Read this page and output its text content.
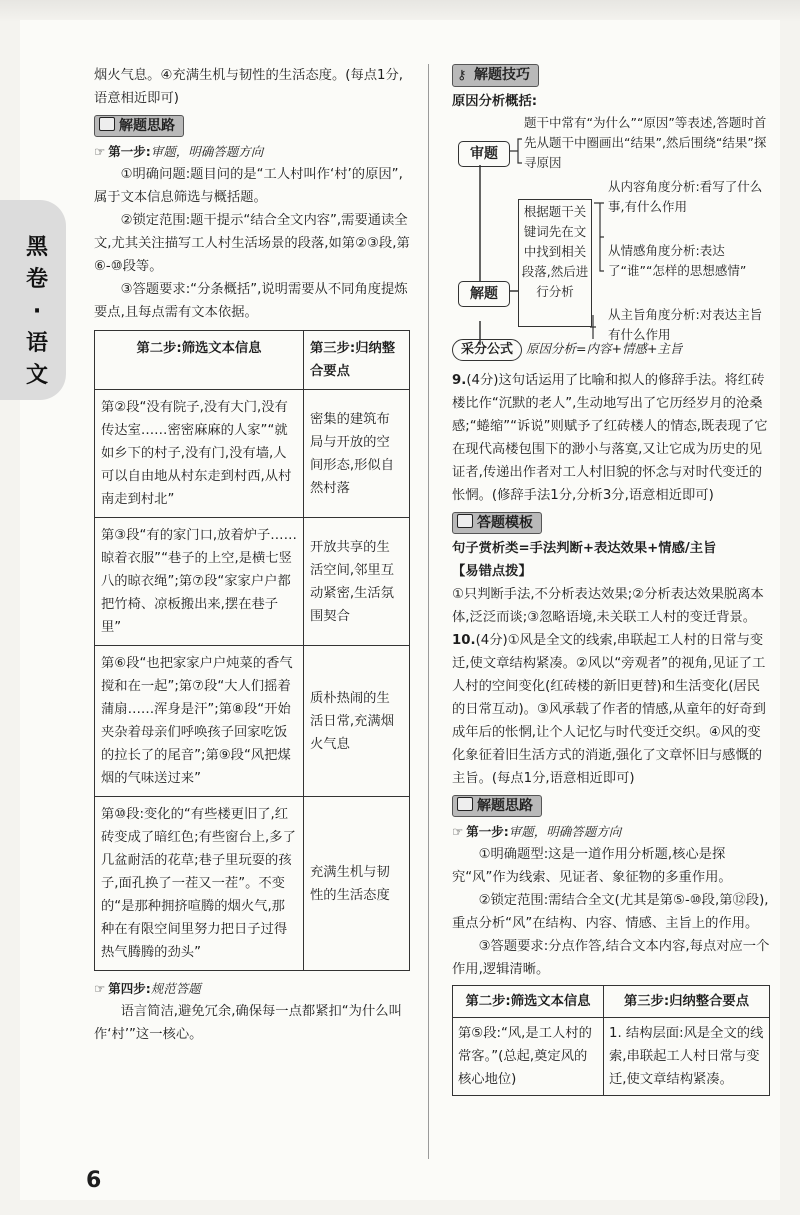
黑卷·语文

烟火气息。④充满生机与韧性的生活态度。(每点1分,语意相近即可)

解题思路

☞ 第一步:审题，明确答题方向

①明确问题:题目问的是“工人村叫作‘村’的原因”,属于文本信息筛选与概括题。

②锁定范围:题干提示“结合全文内容”,需要通读全文,尤其关注描写工人村生活场景的段落,如第②③段,第⑥-⑩段等。

③答题要求:“分条概括”,说明需要从不同角度提炼要点,且每点需有文本依据。

第二步:筛选文本信息	第三步:归纳整合要点
第②段“没有院子,没有大门,没有传达室……密密麻麻的人家”“就如乡下的村子,没有门,没有墙,人可以自由地从村东走到村西,从村南走到村北”	密集的建筑布局与开放的空间形态,形似自然村落
第③段“有的家门口,放着炉子……晾着衣服”“巷子的上空,是横七竖八的晾衣绳”;第⑦段“家家户户都把竹椅、凉板搬出来,摆在巷子里”	开放共享的生活空间,邻里互动紧密,生活氛围契合
第⑥段“也把家家户户炖菜的香气搅和在一起”;第⑦段“大人们摇着蒲扇……浑身是汗”;第⑧段“开始夹杂着母亲们呼唤孩子回家吃饭的拉长了的尾音”;第⑨段“风把煤烟的气味送过来”	质朴热闹的生活日常,充满烟火气息
第⑩段:变化的“有些楼更旧了,红砖变成了暗红色;有些窗台上,多了几盆耐活的花草;巷子里玩耍的孩子,面孔换了一茬又一茬”。不变的“是那种拥挤喧腾的烟火气,那种在有限空间里努力把日子过得热气腾腾的劲头”	充满生机与韧性的生活态度

☞ 第四步:规范答题

语言简洁,避免冗余,确保每一点都紧扣“为什么叫作‘村’”这一核心。

⚷ 解题技巧

原因分析概括:

审题
题干中常有“为什么”“原因”等表述,答题时首先从题干中圈画出“结果”,然后围绕“结果”探寻原因
解题
根据题干关键词先在文中找到相关段落,然后进行分析
从内容角度分析:看写了什么事,有什么作用
从情感角度分析:表达了“谁”“怎样的思想感情”
从主旨角度分析:对表达主旨有什么作用
采分公式 原因分析=内容+情感+主旨

9.(4分)这句话运用了比喻和拟人的修辞手法。将红砖楼比作“沉默的老人”,生动地写出了它历经岁月的沧桑感;“蜷缩”“诉说”则赋予了红砖楼人的情态,既表现了它在现代高楼包围下的渺小与落寞,又让它成为历史的见证者,传递出作者对工人村旧貌的怀念与对时代变迁的怅惘。(修辞手法1分,分析3分,语意相近即可)

答题模板

句子赏析类=手法判断+表达效果+情感/主旨

【易错点拨】

①只判断手法,不分析表达效果;②分析表达效果脱离本体,泛泛而谈;③忽略语境,未关联工人村的变迁背景。

10.(4分)①风是全文的线索,串联起工人村的日常与变迁,使文章结构紧凑。②风以“旁观者”的视角,见证了工人村的空间变化(红砖楼的新旧更替)和生活变化(居民的日常互动)。③风承载了作者的情感,从童年的好奇到成年后的怅惘,让个人记忆与时代变迁交织。④风的变化象征着旧生活方式的消逝,强化了文章怀旧与感慨的主旨。(每点1分,语意相近即可)

解题思路

☞ 第一步:审题，明确答题方向

①明确题型:这是一道作用分析题,核心是探究“风”作为线索、见证者、象征物的多重作用。

②锁定范围:需结合全文(尤其是第⑤-⑩段,第⑫段),重点分析“风”在结构、内容、情感、主旨上的作用。

③答题要求:分点作答,结合文本内容,每点对应一个作用,逻辑清晰。

第二步:筛选文本信息	第三步:归纳整合要点
第⑤段:“风,是工人村的常客。”(总起,奠定风的核心地位)	1. 结构层面:风是全文的线索,串联起工人村日常与变迁,使文章结构紧凑。
6
